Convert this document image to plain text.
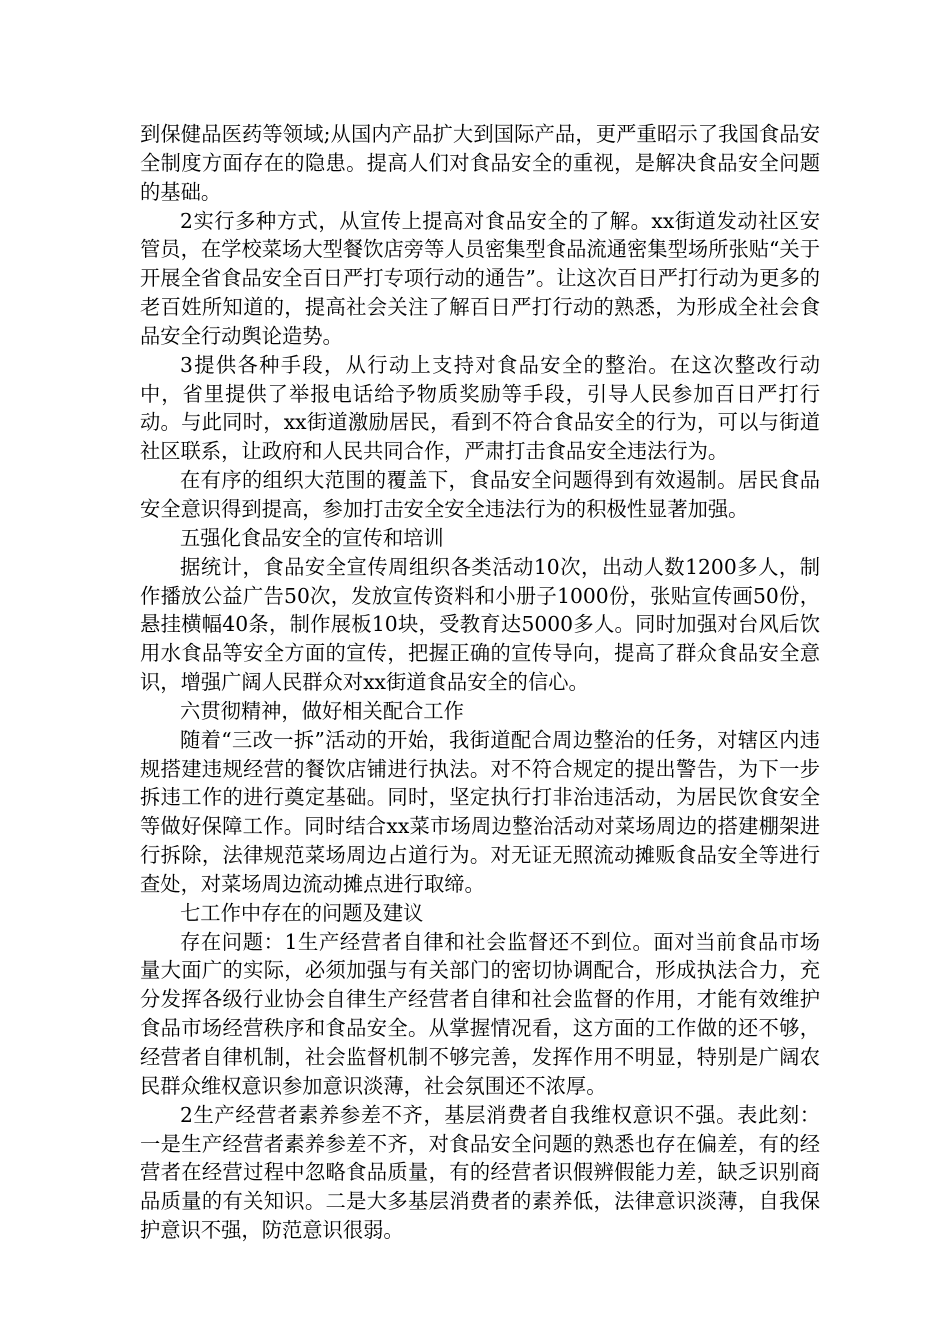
到保健品医药等领域;从国内产品扩大到国际产品，更严重昭示了我国食品安全制度方面存在的隐患。提高人们对食品安全的重视，是解决食品安全问题的基础。

2实行多种方式，从宣传上提高对食品安全的了解。xx街道发动社区安管员，在学校菜场大型餐饮店旁等人员密集型食品流通密集型场所张贴“关于开展全省食品安全百日严打专项行动的通告”。让这次百日严打行动为更多的老百姓所知道的，提高社会关注了解百日严打行动的熟悉，为形成全社会食品安全行动舆论造势。

3提供各种手段，从行动上支持对食品安全的整治。在这次整改行动中，省里提供了举报电话给予物质奖励等手段，引导人民参加百日严打行动。与此同时，xx街道激励居民，看到不符合食品安全的行为，可以与街道社区联系，让政府和人民共同合作，严肃打击食品安全违法行为。

在有序的组织大范围的覆盖下，食品安全问题得到有效遏制。居民食品安全意识得到提高，参加打击安全安全违法行为的积极性显著加强。

五强化食品安全的宣传和培训

据统计，食品安全宣传周组织各类活动10次，出动人数1200多人，制作播放公益广告50次，发放宣传资料和小册子1000份，张贴宣传画50份，悬挂横幅40条，制作展板10块，受教育达5000多人。同时加强对台风后饮用水食品等安全方面的宣传，把握正确的宣传导向，提高了群众食品安全意识，增强广阔人民群众对xx街道食品安全的信心。

六贯彻精神，做好相关配合工作

随着“三改一拆”活动的开始，我街道配合周边整治的任务，对辖区内违规搭建违规经营的餐饮店铺进行执法。对不符合规定的提出警告，为下一步拆违工作的进行奠定基础。同时，坚定执行打非治违活动，为居民饮食安全等做好保障工作。同时结合xx菜市场周边整治活动对菜场周边的搭建棚架进行拆除，法律规范菜场周边占道行为。对无证无照流动摊贩食品安全等进行查处，对菜场周边流动摊点进行取缔。

七工作中存在的问题及建议

存在问题：1生产经营者自律和社会监督还不到位。面对当前食品市场量大面广的实际，必须加强与有关部门的密切协调配合，形成执法合力，充分发挥各级行业协会自律生产经营者自律和社会监督的作用，才能有效维护食品市场经营秩序和食品安全。从掌握情况看，这方面的工作做的还不够，经营者自律机制，社会监督机制不够完善，发挥作用不明显，特别是广阔农民群众维权意识参加意识淡薄，社会氛围还不浓厚。

2生产经营者素养参差不齐，基层消费者自我维权意识不强。表此刻：一是生产经营者素养参差不齐，对食品安全问题的熟悉也存在偏差，有的经营者在经营过程中忽略食品质量，有的经营者识假辨假能力差，缺乏识别商品质量的有关知识。二是大多基层消费者的素养低，法律意识淡薄，自我保护意识不强，防范意识很弱。
